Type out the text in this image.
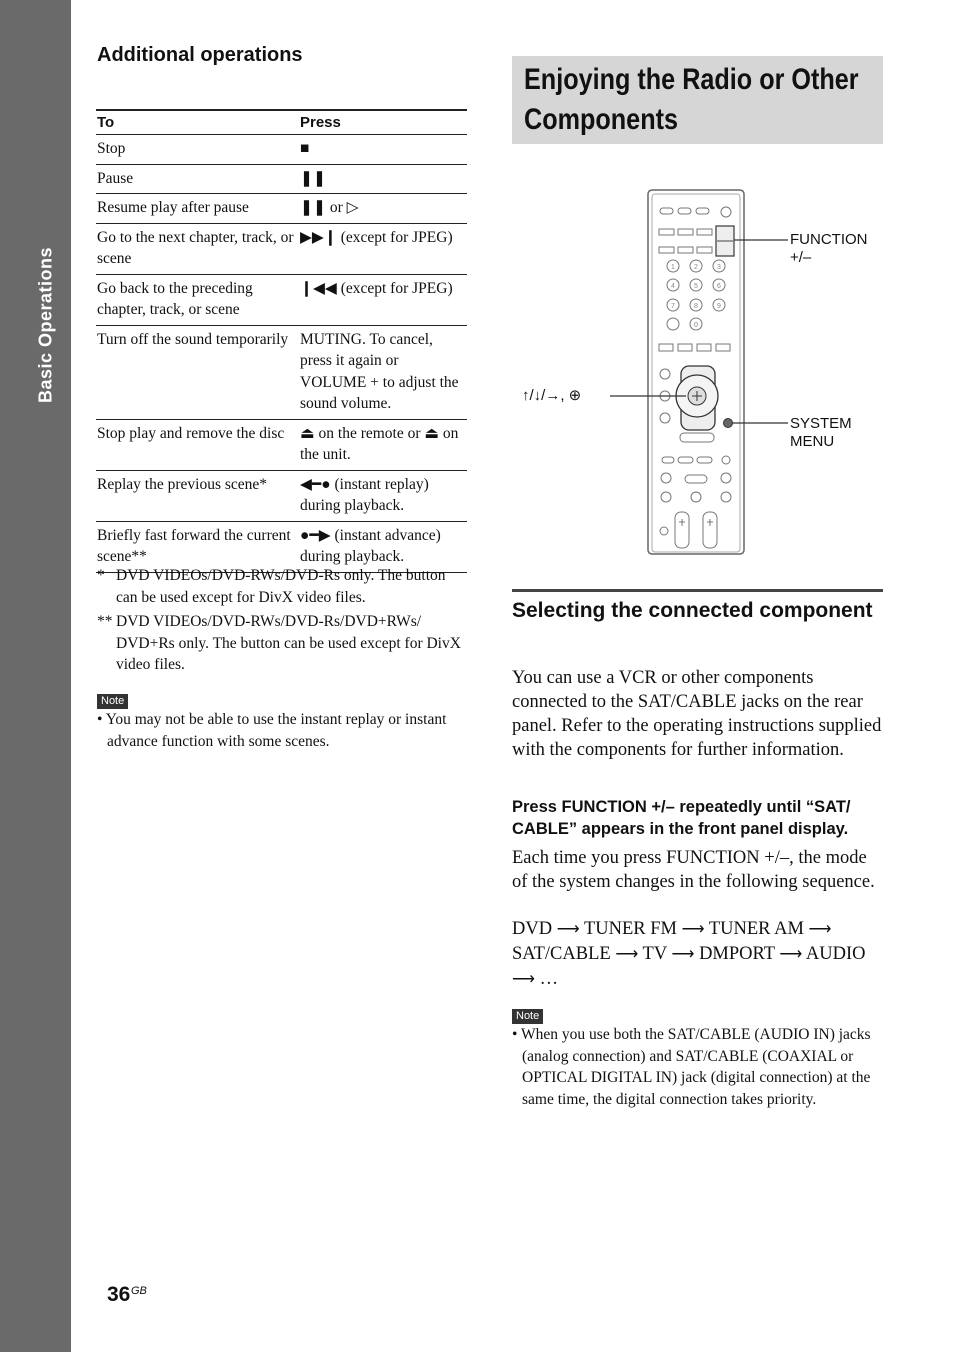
Basic Operations
Additional operations
To	Press
Stop	■
Pause	❚❚
Resume play after pause	❚❚ or ▷
Go to the next chapter, track, or scene	▶▶❙ (except for JPEG)
Go back to the preceding chapter, track, or scene	❙◀◀ (except for JPEG)
Turn off the sound temporarily	MUTING. To cancel, press it again or VOLUME + to adjust the sound volume.
Stop play and remove the disc	⏏ on the remote or ⏏ on the unit.
Replay the previous scene*	◀━● (instant replay) during playback.
Briefly fast forward the current scene**	●━▶ (instant advance) during playback.
* DVD VIDEOs/DVD-RWs/DVD-Rs only. The button can be used except for DivX video files.
** DVD VIDEOs/DVD-RWs/DVD-Rs/DVD+RWs/ DVD+Rs only. The button can be used except for DivX video files.
Note
• You may not be able to use the instant replay or instant advance function with some scenes.
Enjoying the Radio or Other Components
1	2	3
4	5	6
7	8	9
0
FUNCTION +/–
↑/↓/→, ⊕
SYSTEM MENU
Selecting the connected component
You can use a VCR or other components connected to the SAT/CABLE jacks on the rear panel. Refer to the operating instructions supplied with the components for further information.
Press FUNCTION +/– repeatedly until “SAT/ CABLE” appears in the front panel display.
Each time you press FUNCTION +/–, the mode of the system changes in the following sequence.
DVD ⟶ TUNER FM ⟶ TUNER AM ⟶ SAT/CABLE ⟶ TV ⟶ DMPORT ⟶ AUDIO
⟶ …
Note
• When you use both the SAT/CABLE (AUDIO IN) jacks (analog connection) and SAT/CABLE (COAXIAL or OPTICAL DIGITAL IN) jack (digital connection) at the same time, the digital connection takes priority.
36 GB
